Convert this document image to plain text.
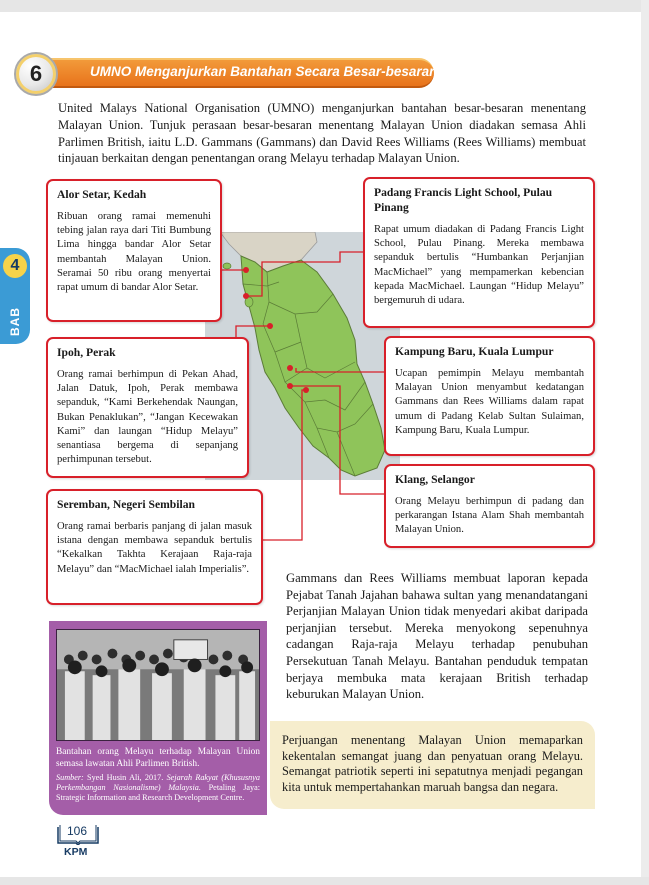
UMNO Menganjurkan Bantahan Secara Besar-besaran
6

United Malays National Organisation (UMNO) menganjurkan bantahan besar-besaran menentang Malayan Union. Tunjuk perasaan besar-besaran menentang Malayan Union diadakan semasa Ahli Parlimen British, iaitu L.D. Gammans (Gammans) dan David Rees Williams (Rees Williams) membuat tinjauan berkaitan dengan penentangan orang Melayu terhadap Malayan Union.

4
BAB
Alor Setar, Kedah
Ribuan orang ramai memenuhi tebing jalan raya dari Titi Bumbung Lima hingga bandar Alor Setar membantah Malayan Union. Seramai 50 ribu orang menyertai rapat umum di bandar Alor Setar.
Padang Francis Light School, Pulau Pinang
Rapat umum diadakan di Padang Francis Light School, Pulau Pinang. Mereka membawa sepanduk bertulis “Humbankan Perjanjian MacMichael” yang mempamerkan kebencian kepada MacMichael. Laungan “Hidup Melayu” bergemuruh di udara.
Ipoh, Perak
Orang ramai berhimpun di Pekan Ahad, Jalan Datuk, Ipoh, Perak membawa sepanduk, “Kami Berkehendak Naungan, Bukan Penaklukan”, “Jangan Kecewakan Kami” dan laungan “Hidup Melayu” senantiasa bergema di sepanjang perhimpunan tersebut.
Kampung Baru, Kuala Lumpur
Ucapan pemimpin Melayu membantah Malayan Union menyambut kedatangan Gammans dan Rees Williams dalam rapat umum di Padang Kelab Sultan Sulaiman, Kampung Baru, Kuala Lumpur.
Klang, Selangor
Orang Melayu berhimpun di padang dan perkarangan Istana Alam Shah membantah Malayan Union.
Seremban, Negeri Sembilan
Orang ramai berbaris panjang di jalan masuk istana dengan membawa sepanduk bertulis “Kekalkan Takhta Kerajaan Raja-raja Melayu” dan “MacMichael ialah Imperialis”.

Gammans dan Rees Williams membuat laporan kepada Pejabat Tanah Jajahan bahawa sultan yang menandatangani Perjanjian Malayan Union tidak menyedari akibat daripada perjanjian tersebut. Mereka menyokong sepenuhnya cadangan Raja-raja Melayu terhadap penubuhan Persekutuan Tanah Melayu. Bantahan penduduk tempatan berjaya membuka mata kerajaan British terhadap keburukan Malayan Union.

Bantahan orang Melayu terhadap Malayan Union semasa lawatan Ahli Parlimen British.
Sumber: Syed Husin Ali, 2017. Sejarah Rakyat (Khususnya Perkembangan Nasionalisme) Malaysia. Petaling Jaya: Strategic Information and Research Development Centre.
Perjuangan menentang Malayan Union memaparkan kekentalan semangat juang dan penyatuan orang Melayu. Semangat patriotik seperti ini sepatutnya menjadi pegangan kita untuk mempertahankan maruah bangsa dan negara.
106
KPM
